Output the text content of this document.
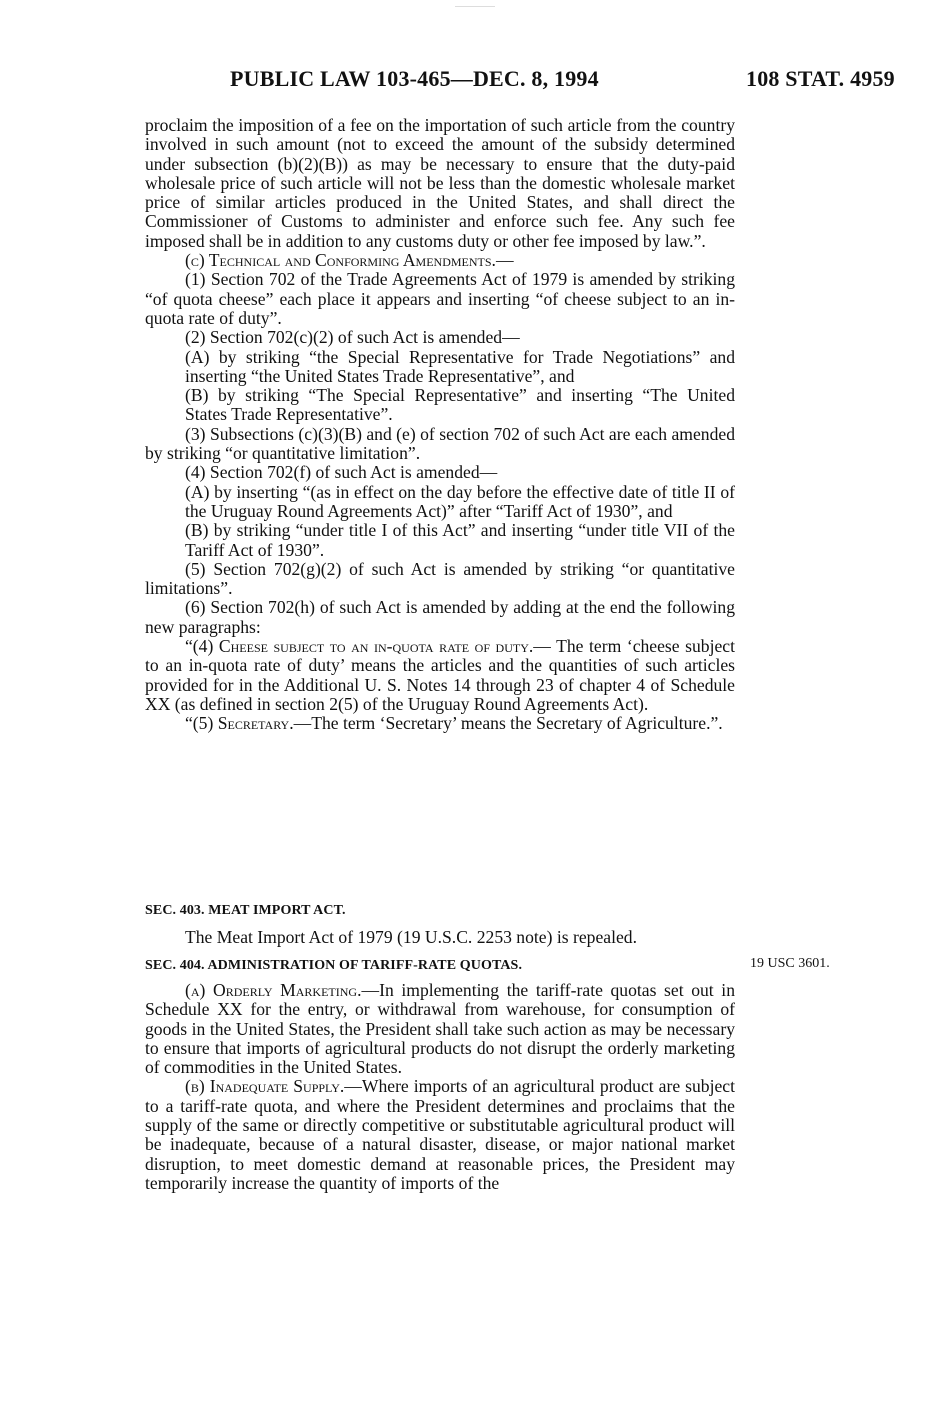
PUBLIC LAW 103-465—DEC. 8, 1994	108 STAT. 4959

proclaim the imposition of a fee on the importation of such article from the country involved in such amount (not to exceed the amount of the subsidy determined under subsection (b)(2)(B)) as may be necessary to ensure that the duty-paid wholesale price of such article will not be less than the domestic wholesale market price of similar articles produced in the United States, and shall direct the Commissioner of Customs to administer and enforce such fee. Any such fee imposed shall be in addition to any customs duty or other fee imposed by law.”.

(c) Technical and Conforming Amendments.—

(1) Section 702 of the Trade Agreements Act of 1979 is amended by striking “of quota cheese” each place it appears and inserting “of cheese subject to an in-quota rate of duty”.

(2) Section 702(c)(2) of such Act is amended—

(A) by striking “the Special Representative for Trade Negotiations” and inserting “the United States Trade Representative”, and

(B) by striking “The Special Representative” and inserting “The United States Trade Representative”.

(3) Subsections (c)(3)(B) and (e) of section 702 of such Act are each amended by striking “or quantitative limitation”.

(4) Section 702(f) of such Act is amended—

(A) by inserting “(as in effect on the day before the effective date of title II of the Uruguay Round Agreements Act)” after “Tariff Act of 1930”, and

(B) by striking “under title I of this Act” and inserting “under title VII of the Tariff Act of 1930”.

(5) Section 702(g)(2) of such Act is amended by striking “or quantitative limitations”.

(6) Section 702(h) of such Act is amended by adding at the end the following new paragraphs:

“(4) Cheese subject to an in-quota rate of duty.— The term ‘cheese subject to an in-quota rate of duty’ means the articles and the quantities of such articles provided for in the Additional U. S. Notes 14 through 23 of chapter 4 of Schedule XX (as defined in section 2(5) of the Uruguay Round Agreements Act).

“(5) Secretary.—The term ‘Secretary’ means the Secretary of Agriculture.”.

SEC. 403. MEAT IMPORT ACT.

The Meat Import Act of 1979 (19 U.S.C. 2253 note) is repealed.

SEC. 404. ADMINISTRATION OF TARIFF-RATE QUOTAS.	19 USC 3601.

(a) Orderly Marketing.—In implementing the tariff-rate quotas set out in Schedule XX for the entry, or withdrawal from warehouse, for consumption of goods in the United States, the President shall take such action as may be necessary to ensure that imports of agricultural products do not disrupt the orderly marketing of commodities in the United States.

(b) Inadequate Supply.—Where imports of an agricultural product are subject to a tariff-rate quota, and where the President determines and proclaims that the supply of the same or directly competitive or substitutable agricultural product will be inadequate, because of a natural disaster, disease, or major national market disruption, to meet domestic demand at reasonable prices, the President may temporarily increase the quantity of imports of the
